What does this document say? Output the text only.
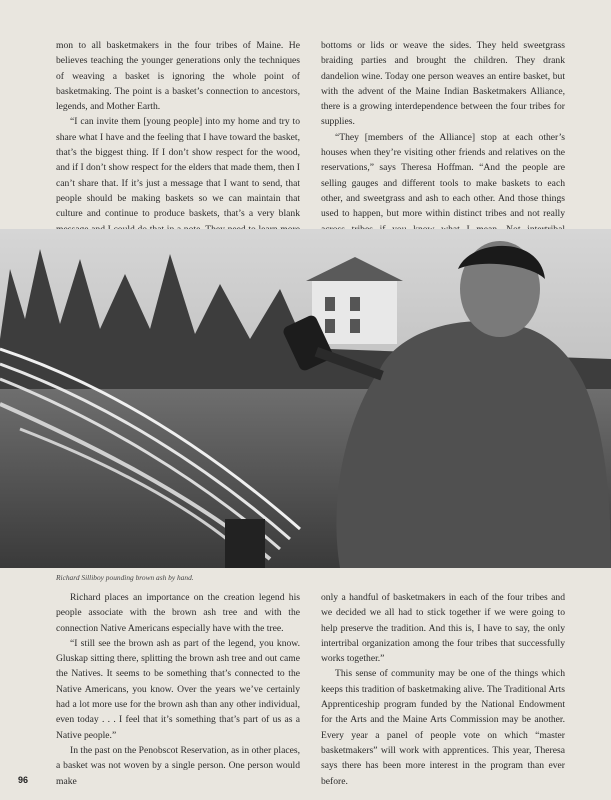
mon to all basketmakers in the four tribes of Maine. He believes teaching the younger generations only the techniques of weaving a basket is ignoring the whole point of basketmaking. The point is a basket’s connection to ancestors, legends, and Mother Earth.

“I can invite them [young people] into my home and try to share what I have and the feeling that I have toward the basket, that’s the biggest thing. If I don’t show respect for the wood, and if I don’t show respect for the elders that made them, then I can’t share that. If it’s just a message that I want to send, that people should be making baskets so we can maintain that culture and continue to produce baskets, that’s a very blank

bottoms or lids or weave the sides. They held sweetgrass braiding parties and brought the children. They drank dandelion wine. Today one person weaves an entire basket, but with the advent of the Maine Indian Basketmakers Alliance, there is a growing interdependence between the four tribes for supplies.

“They [members of the Alliance] stop at each other’s houses when they’re visiting other friends and relatives on the reservations,” says Theresa Hoffman. “And the people are selling gauges and different tools to make baskets to each other, and sweetgrass and ash to each other. And those things used to happen, but more within distinct tribes and not really

Richard Silliboy pounding brown ash by hand.

Richard places an importance on the creation legend his people associate with the brown ash tree and with the connection Native Americans especially have with the tree.

“I still see the brown ash as part of the legend, you know. Gluskap sitting there, splitting the brown ash tree and out came the Natives. It seems to be something that’s connected to the Native Americans, you know. Over the years we’ve certainly had a lot more use for the brown ash than any other individual, even today . . . I feel that it’s something that’s part of us as a Native people.”

In the past on the Penobscot Reservation, as in other places, a basket was not woven by a single person. One person would make

only a handful of basketmakers in each of the four tribes and we decided we all had to stick together if we were going to help preserve the tradition. And this is, I have to say, the only intertribal organization among the four tribes that successfully works together.”

This sense of community may be one of the things which keeps this tradition of basketmaking alive. The Traditional Arts Apprenticeship program funded by the National Endowment for the Arts and the Maine Arts Commission may be another. Every year a panel of people vote on which “master basketmakers” will work with apprentices. This year, Theresa says there has been more interest in the program than ever before.

96
